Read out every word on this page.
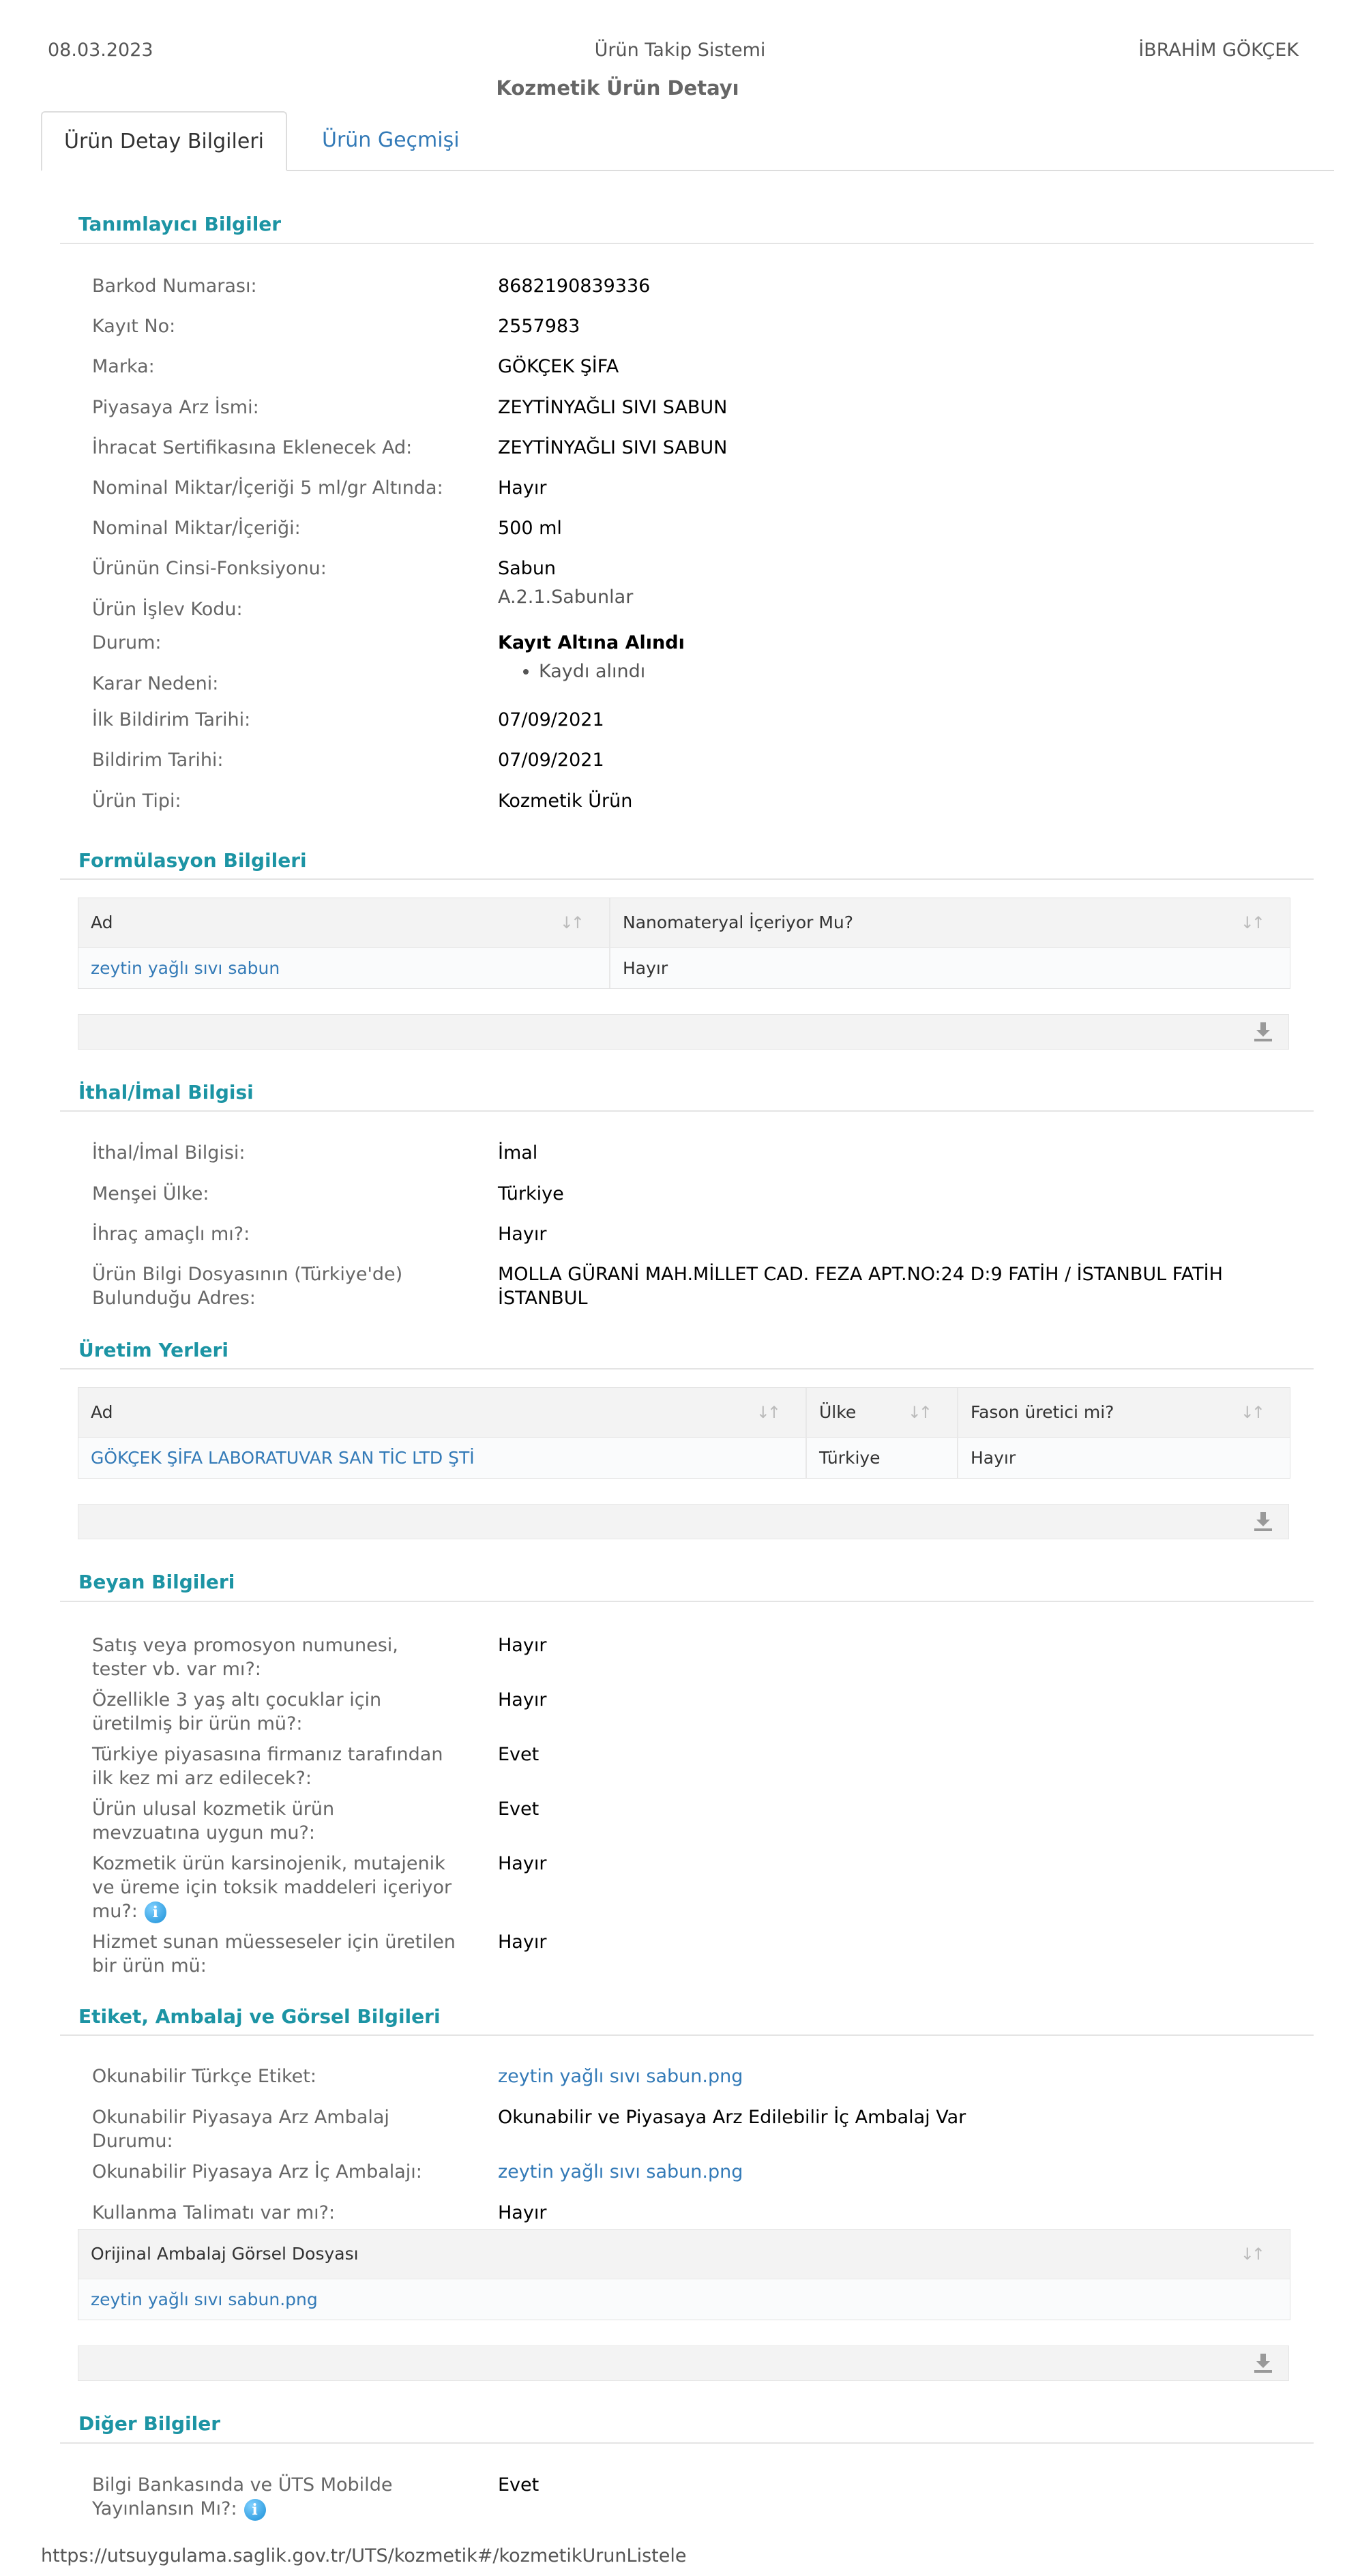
08.03.2023	Ürün Takip Sistemi	İBRAHİM GÖKÇEK
Kozmetik Ürün Detayı
Ürün Detay Bilgileri	Ürün Geçmişi
Tanımlayıcı Bilgiler
Barkod Numarası:	8682190839336
Kayıt No:	2557983
Marka:	GÖKÇEK ŞİFA
Piyasaya Arz İsmi:	ZEYTİNYAĞLI SIVI SABUN
İhracat Sertifikasına Eklenecek Ad:	ZEYTİNYAĞLI SIVI SABUN
Nominal Miktar/İçeriği 5 ml/gr Altında:	Hayır
Nominal Miktar/İçeriği:	500 ml
Ürünün Cinsi-Fonksiyonu:	Sabun
Ürün İşlev Kodu:
A.2.1.Sabunlar
Durum:	Kayıt Altına Alındı
Karar Nedeni:
• Kaydı alındı
İlk Bildirim Tarihi:	07/09/2021
Bildirim Tarihi:	07/09/2021
Ürün Tipi:	Kozmetik Ürün
Formülasyon Bilgileri
Ad	↓↑	Nanomateryal İçeriyor Mu?	↓↑
zeytin yağlı sıvı sabun	Hayır
İthal/İmal Bilgisi
İthal/İmal Bilgisi:	İmal
Menşei Ülke:	Türkiye
İhraç amaçlı mı?:	Hayır
Ürün Bilgi Dosyasının (Türkiye'de) Bulunduğu Adres:
MOLLA GÜRANİ MAH.MİLLET CAD. FEZA APT.NO:24 D:9 FATİH / İSTANBUL FATİH İSTANBUL
Üretim Yerleri
Ad	↓↑	Ülke	↓↑	Fason üretici mi?	↓↑
GÖKÇEK ŞİFA LABORATUVAR SAN TİC LTD ŞTİ	Türkiye	Hayır
Beyan Bilgileri
Satış veya promosyon numunesi, tester vb. var mı?:
Hayır
Özellikle 3 yaş altı çocuklar için üretilmiş bir ürün mü?:
Hayır
Türkiye piyasasına firmanız tarafından ilk kez mi arz edilecek?:
Evet
Ürün ulusal kozmetik ürün mevzuatına uygun mu?:
Evet
Kozmetik ürün karsinojenik, mutajenik ve üreme için toksik maddeleri içeriyor mu?: i
Hayır
Hizmet sunan müesseseler için üretilen bir ürün mü:
Hayır
Etiket, Ambalaj ve Görsel Bilgileri
Okunabilir Türkçe Etiket:	zeytin yağlı sıvı sabun.png
Okunabilir Piyasaya Arz Ambalaj Durumu:
Okunabilir ve Piyasaya Arz Edilebilir İç Ambalaj Var
Okunabilir Piyasaya Arz İç Ambalajı:	zeytin yağlı sıvı sabun.png
Kullanma Talimatı var mı?:	Hayır
Orijinal Ambalaj Görsel Dosyası	↓↑
zeytin yağlı sıvı sabun.png
Diğer Bilgiler
Bilgi Bankasında ve ÜTS Mobilde Yayınlansın Mı?: i
Evet
https://utsuygulama.saglik.gov.tr/UTS/kozmetik#/kozmetikUrunListele
